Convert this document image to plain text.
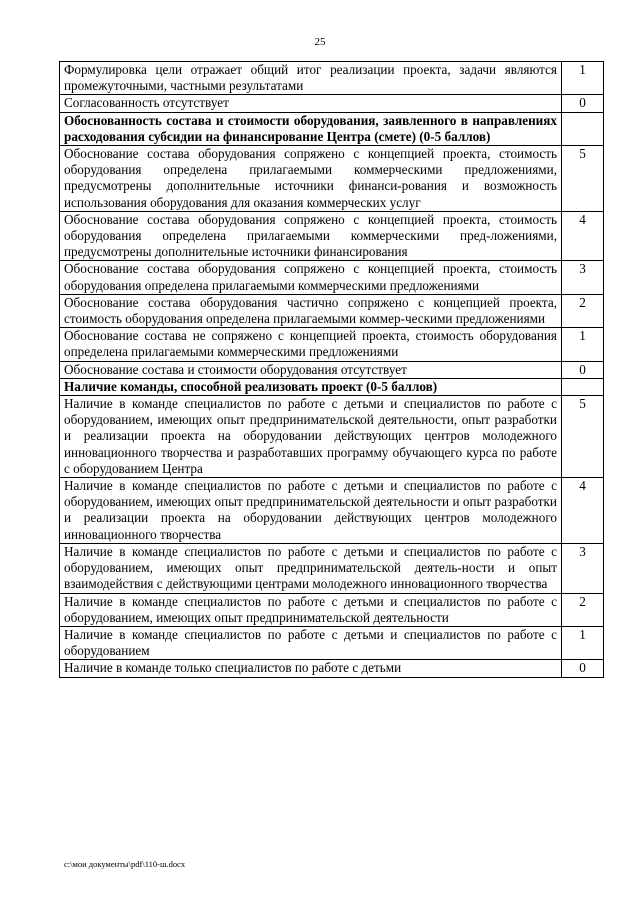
25
Формулировка цели отражает общий итог реализации проекта, задачи являются промежуточными, частными результатами	1
Согласованность отсутствует	0
Обоснованность состава и стоимости оборудования, заявленного в направлениях расходования субсидии на финансирование Центра (смете) (0-5 баллов)	
Обоснование состава оборудования сопряжено с концепцией проекта, стоимость оборудования определена прилагаемыми коммерческими предложениями, предусмотрены дополнительные источники финанси-рования и возможность использования оборудования для оказания коммерческих услуг	5
Обоснование состава оборудования сопряжено с концепцией проекта, стоимость оборудования определена прилагаемыми коммерческими пред-ложениями, предусмотрены дополнительные источники финансирования	4
Обоснование состава оборудования сопряжено с концепцией проекта, стоимость оборудования определена прилагаемыми коммерческими предложениями	3
Обоснование состава оборудования частично сопряжено с концепцией проекта, стоимость оборудования определена прилагаемыми коммер-ческими предложениями	2
Обоснование состава не сопряжено с концепцией проекта, стоимость оборудования определена прилагаемыми коммерческими предложениями	1
Обоснование состава и стоимости оборудования отсутствует	0
Наличие команды, способной реализовать проект (0-5 баллов)	
Наличие в команде специалистов по работе с детьми и специалистов по работе с оборудованием, имеющих опыт предпринимательской деятельности, опыт разработки и реализации проекта на оборудовании действующих центров молодежного инновационного творчества и разработавших программу обучающего курса по работе с оборудованием Центра	5
Наличие в команде специалистов по работе с детьми и специалистов по работе с оборудованием, имеющих опыт предпринимательской деятельности и опыт разработки и реализации проекта на оборудовании действующих центров молодежного инновационного творчества	4
Наличие в команде специалистов по работе с детьми и специалистов по работе с оборудованием, имеющих опыт предпринимательской деятель-ности и опыт взаимодействия с действующими центрами молодежного инновационного творчества	3
Наличие в команде специалистов по работе с детьми и специалистов по работе с оборудованием, имеющих опыт предпринимательской деятельности	2
Наличие в команде специалистов по работе с детьми и специалистов по работе с оборудованием	1
Наличие в команде только специалистов по работе с детьми	0
c:\мои документы\pdf\110-ш.docx
